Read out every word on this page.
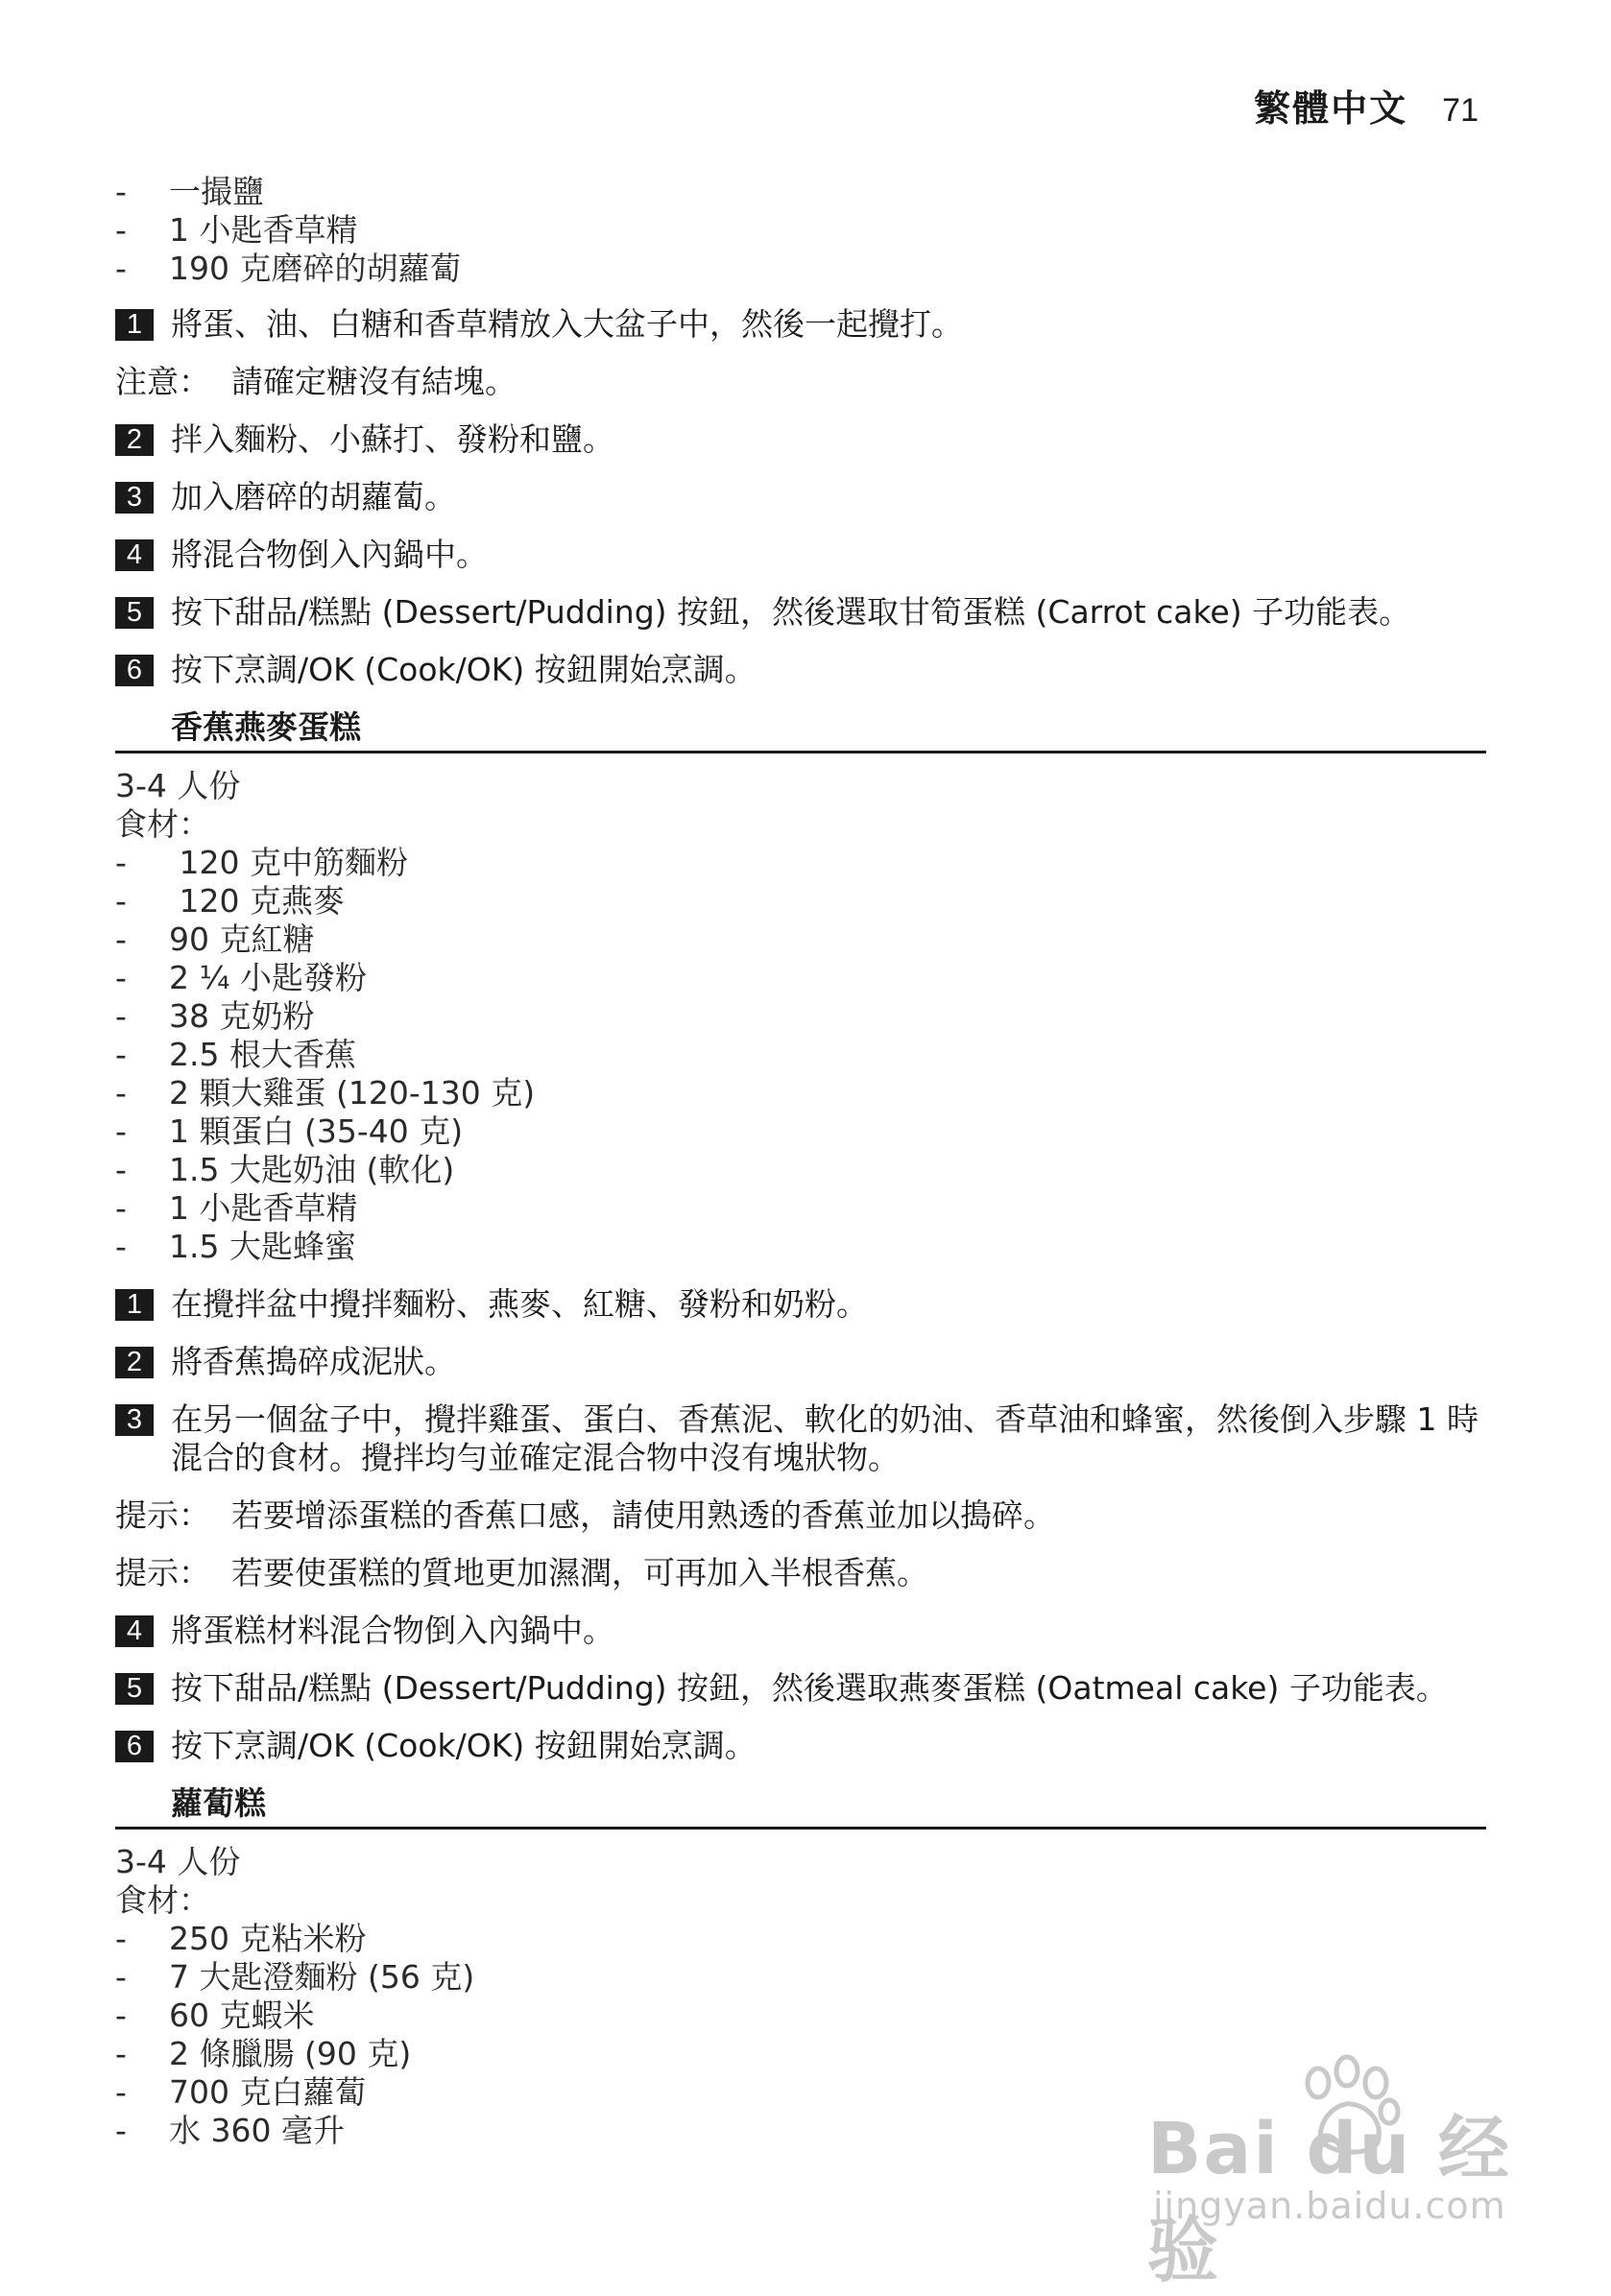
繁體中文 71
-	一撮鹽
-	1 小匙香草精
-	190 克磨碎的胡蘿蔔
1 將蛋、油、白糖和香草精放入大盆子中，然後一起攪打。
注意： 請確定糖沒有結塊。
2 拌入麵粉、小蘇打、發粉和鹽。
3 加入磨碎的胡蘿蔔。
4 將混合物倒入內鍋中。
5 按下甜品/糕點 (Dessert/Pudding) 按鈕，然後選取甘筍蛋糕 (Carrot cake) 子功能表。
6 按下烹調/OK (Cook/OK) 按鈕開始烹調。
香蕉燕麥蛋糕
3-4 人份
食材：
-	120 克中筋麵粉
-	120 克燕麥
-	90 克紅糖
-	2 ¼ 小匙發粉
-	38 克奶粉
-	2.5 根大香蕉
-	2 顆大雞蛋 (120-130 克)
-	1 顆蛋白 (35-40 克)
-	1.5 大匙奶油 (軟化)
-	1 小匙香草精
-	1.5 大匙蜂蜜
1 在攪拌盆中攪拌麵粉、燕麥、紅糖、發粉和奶粉。
2 將香蕉搗碎成泥狀。
3 在另一個盆子中，攪拌雞蛋、蛋白、香蕉泥、軟化的奶油、香草油和蜂蜜，然後倒入步驟 1 時混合的食材。攪拌均勻並確定混合物中沒有塊狀物。
提示： 若要增添蛋糕的香蕉口感，請使用熟透的香蕉並加以搗碎。
提示： 若要使蛋糕的質地更加濕潤，可再加入半根香蕉。
4 將蛋糕材料混合物倒入內鍋中。
5 按下甜品/糕點 (Dessert/Pudding) 按鈕，然後選取燕麥蛋糕 (Oatmeal cake) 子功能表。
6 按下烹調/OK (Cook/OK) 按鈕開始烹調。
蘿蔔糕
3-4 人份
食材：
-	250 克粘米粉
-	7 大匙澄麵粉 (56 克)
-	60 克蝦米
-	2 條臘腸 (90 克)
-	700 克白蘿蔔
-	水 360 毫升	Bai du 经验
jingyan.baidu.com
